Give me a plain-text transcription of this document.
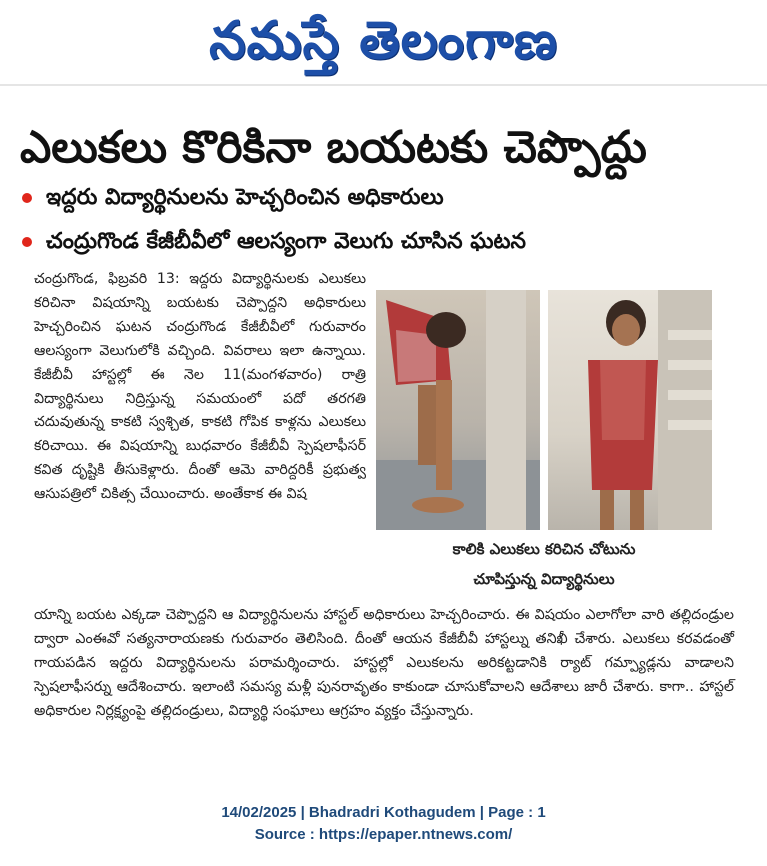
నమస్తే తెలంగాణ
ఎలుకలు కొరికినా బయటకు చెప్పొద్దు
ఇద్దరు విద్యార్థినులను హెచ్చరించిన అధికారులు
చంద్రుగొండ కేజీబీవీలో ఆలస్యంగా వెలుగు చూసిన ఘటన

చంద్రుగొండ, ఫిబ్రవరి 13: ఇద్దరు విద్యార్థినులకు ఎలుకలు కరిచినా విషయాన్ని బయటకు చెప్పొద్దని అధికారులు హెచ్చరించిన ఘటన చంద్రుగొండ కేజీబీవీలో గురువారం ఆలస్యంగా వెలుగులోకి వచ్చింది. వివరాలు ఇలా ఉన్నాయి. కేజీబీవీ హాస్టల్లో ఈ నెల 11(మంగళవారం) రాత్రి విద్యార్థినులు నిద్రిస్తున్న సమయంలో పదో తరగతి చదువుతున్న కాకటి స్వశ్చిత, కాకటి గోపిక కాళ్లను ఎలుకలు కరిచాయి. ఈ విషయాన్ని బుధవారం కేజీబీవీ స్పెషలాఫీసర్ కవిత దృష్టికి తీసుకెళ్లారు. దీంతో ఆమె వారిద్దరికీ ప్రభుత్వ ఆసుపత్రిలో చికిత్స చేయించారు. అంతేకాక ఈ విష

కాలికి ఎలుకలు కరిచిన చోటును
చూపిస్తున్న విద్యార్థినులు

యాన్ని బయట ఎక్కడా చెప్పొద్దని ఆ విద్యార్థినులను హాస్టల్ అధికారులు హెచ్చరించారు. ఈ విషయం ఎలాగోలా వారి తల్లిదండ్రుల ద్వారా ఎంఈవో సత్యనారాయణకు గురువారం తెలిసింది. దీంతో ఆయన కేజీబీవీ హాస్టల్ను తనిఖీ చేశారు. ఎలుకలు కరవడంతో గాయపడిన ఇద్దరు విద్యార్థినులను పరామర్శించారు. హాస్టల్లో ఎలుకలను అరికట్టడానికి ర్యాట్ గమ్ప్యాడ్లను వాడాలని స్పెషలాఫీసర్ను ఆదేశించారు. ఇలాంటి సమస్య మళ్లీ పునరావృతం కాకుండా చూసుకోవాలని ఆదేశాలు జారీ చేశారు. కాగా.. హాస్టల్ అధికారుల నిర్లక్ష్యంపై తల్లిదండ్రులు, విద్యార్థి సంఘాలు ఆగ్రహం వ్యక్తం చేస్తున్నారు.

14/02/2025 | Bhadradri Kothagudem | Page : 1
Source : https://epaper.ntnews.com/
